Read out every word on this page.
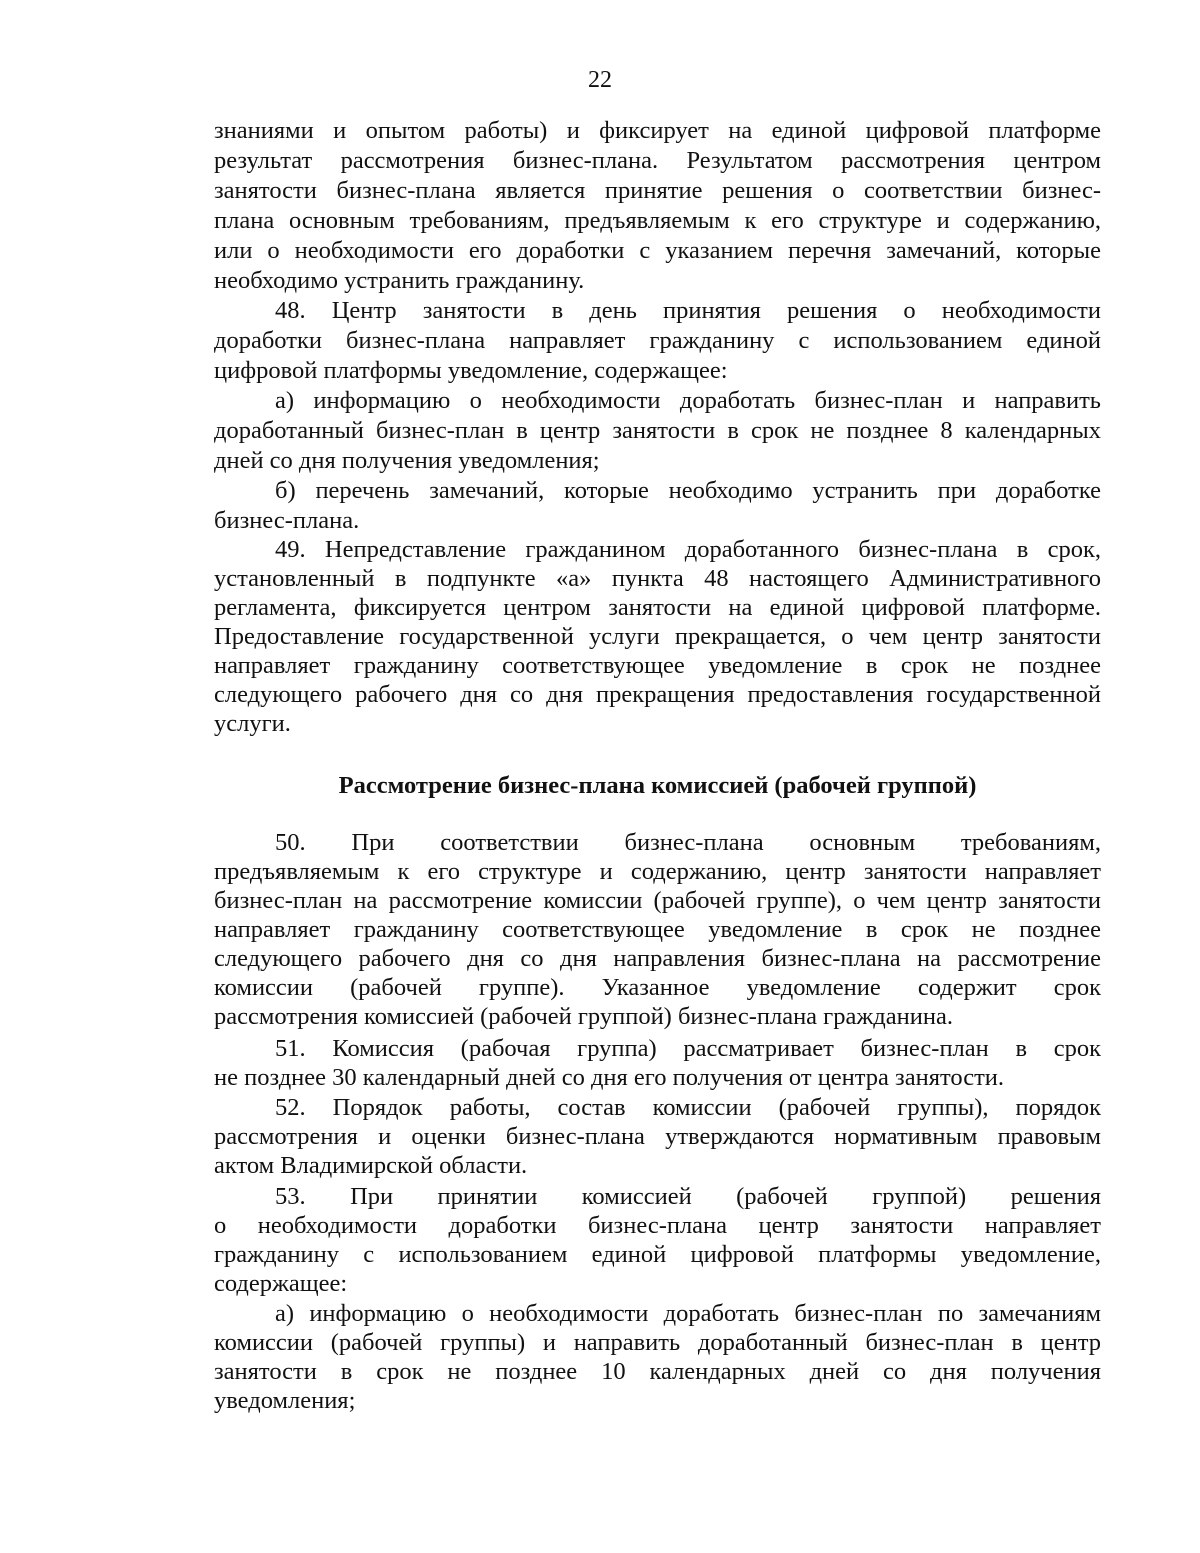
22
знаниями и опытом работы) и фиксирует на единой цифровой платформе
результат рассмотрения бизнес-плана. Результатом рассмотрения центром
занятости бизнес-плана является принятие решения о соответствии бизнес-
плана основным требованиям, предъявляемым к его структуре и содержанию,
или о необходимости его доработки с указанием перечня замечаний, которые
необходимо устранить гражданину.
48. Центр занятости в день принятия решения о необходимости
доработки бизнес-плана направляет гражданину с использованием единой
цифровой платформы уведомление, содержащее:
а) информацию о необходимости доработать бизнес-план и направить
доработанный бизнес-план в центр занятости в срок не позднее 8 календарных
дней со дня получения уведомления;
б) перечень замечаний, которые необходимо устранить при доработке
бизнес-плана.
49. Непредставление гражданином доработанного бизнес-плана в срок,
установленный в подпункте «а» пункта 48 настоящего Административного
регламента, фиксируется центром занятости на единой цифровой платформе.
Предоставление государственной услуги прекращается, о чем центр занятости
направляет гражданину соответствующее уведомление в срок не позднее
следующего рабочего дня со дня прекращения предоставления государственной
услуги.
Рассмотрение бизнес-плана комиссией (рабочей группой)
50. При соответствии бизнес-плана основным требованиям,
предъявляемым к его структуре и содержанию, центр занятости направляет
бизнес-план на рассмотрение комиссии (рабочей группе), о чем центр занятости
направляет гражданину соответствующее уведомление в срок не позднее
следующего рабочего дня со дня направления бизнес-плана на рассмотрение
комиссии (рабочей группе). Указанное уведомление содержит срок
рассмотрения комиссией (рабочей группой) бизнес-плана гражданина.
51. Комиссия (рабочая группа) рассматривает бизнес-план в срок
не позднее 30 календарный дней со дня его получения от центра занятости.
52. Порядок работы, состав комиссии (рабочей группы), порядок
рассмотрения и оценки бизнес-плана утверждаются нормативным правовым
актом Владимирской области.
53. При принятии комиссией (рабочей группой) решения
о необходимости доработки бизнес-плана центр занятости направляет
гражданину с использованием единой цифровой платформы уведомление,
содержащее:
а) информацию о необходимости доработать бизнес-план по замечаниям
комиссии (рабочей группы) и направить доработанный бизнес-план в центр
занятости в срок не позднее 10 календарных дней со дня получения
уведомления;
